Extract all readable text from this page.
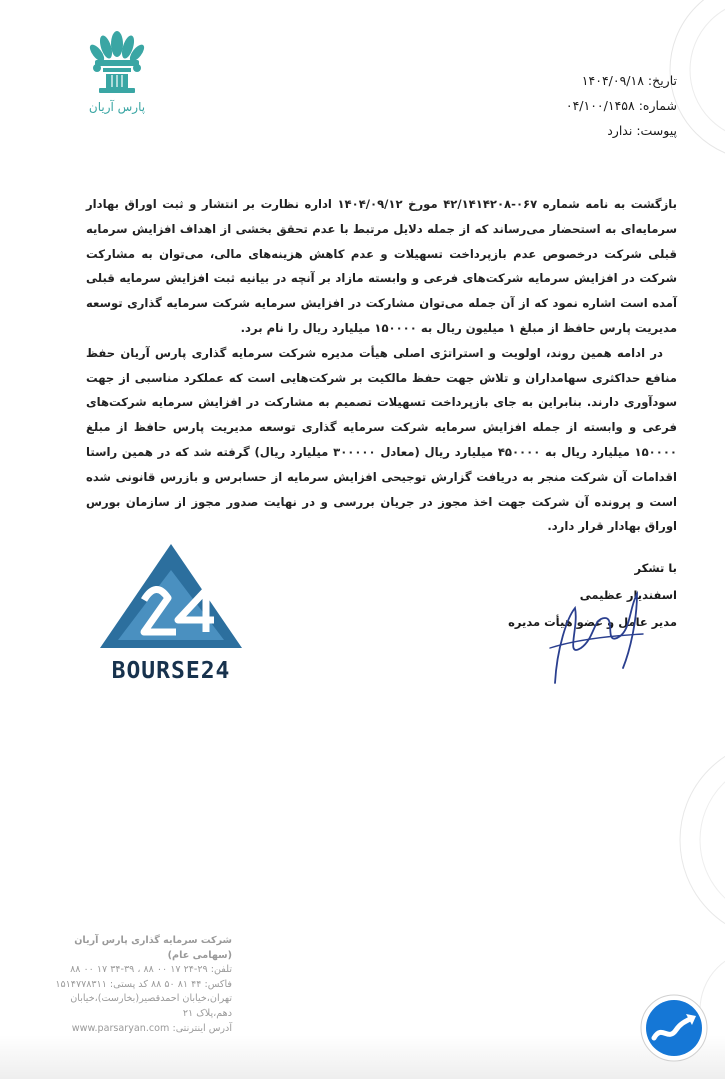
پارس آریان
تاریخ: ۱۴۰۴/۰۹/۱۸
شماره: ۰۴/۱۰۰/۱۴۵۸
پیوست: ندارد

بازگشت به نامه شماره ۰۶۷-۴۲/۱۴۱۴۲۰۸ مورخ ۱۴۰۴/۰۹/۱۲ اداره نظارت بر انتشار و ثبت اوراق بهادار سرمایه‌ای به استحضار می‌رساند که از جمله دلایل مرتبط با عدم تحقق بخشی از اهداف افزایش سرمایه قبلی شرکت درخصوص عدم بازپرداخت تسهیلات و عدم کاهش هزینه‌های مالی، می‌توان به مشارکت شرکت در افزایش سرمایه شرکت‌های فرعی و وابسته مازاد بر آنچه در بیانیه ثبت افزایش سرمایه قبلی آمده است اشاره نمود که از آن جمله می‌توان مشارکت در افزایش سرمایه شرکت سرمایه گذاری توسعه مدیریت پارس حافظ از مبلغ ۱ میلیون ریال به ۱۵۰۰۰۰ میلیارد ریال را نام برد.

در ادامه همین روند، اولویت و استراتژی اصلی هیأت مدیره شرکت سرمایه گذاری پارس آریان حفظ منافع حداکثری سهامداران و تلاش جهت حفظ مالکیت بر شرکت‌هایی است که عملکرد مناسبی از جهت سودآوری دارند. بنابراین به جای بازپرداخت تسهیلات تصمیم به مشارکت در افزایش سرمایه شرکت‌های فرعی و وابسته از جمله افزایش سرمایه شرکت سرمایه گذاری توسعه مدیریت پارس حافظ از مبلغ ۱۵۰۰۰۰ میلیارد ریال به ۴۵۰۰۰۰ میلیارد ریال (معادل ۳۰۰۰۰۰ میلیارد ریال) گرفته شد که در همین راستا اقدامات آن شرکت منجر به دریافت گزارش توجیحی افزایش سرمایه از حسابرس و بازرس قانونی شده است و پرونده آن شرکت جهت اخذ مجوز در جریان بررسی و در نهایت صدور مجوز از سازمان بورس اوراق بهادار قرار دارد.

BOURSE24
با تشکر
اسفندیار عظیمی
مدیر عامل و عضو هیأت مدیره
شرکت سرمایه گذاری پارس آریان (سهامی عام)
تلفن: ۲۹-۲۴ ۱۷ ۰۰ ۸۸ ، ۳۹-۳۴ ۱۷ ۰۰ ۸۸
فاکس: ۴۴ ۸۱ ۵۰ ۸۸ کد پستی: ۱۵۱۴۷۷۸۳۱۱
تهران،خیابان احمدقصیر(بخارست)،خیابان دهم،پلاک ۲۱
آدرس اینترنتی: www.parsaryan.com
